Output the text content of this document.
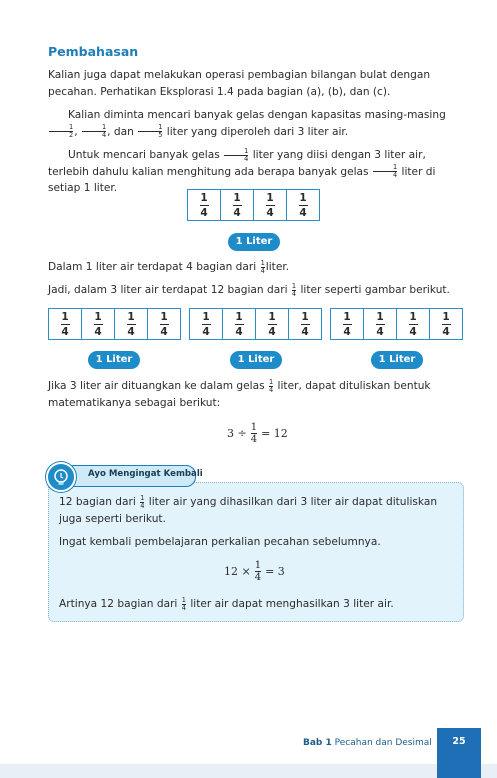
Pembahasan
Kalian juga dapat melakukan operasi pembagian bilangan bulat dengan pecahan. Perhatikan Eksplorasi 1.4 pada bagian (a), (b), dan (c).
Kalian diminta mencari banyak gelas dengan kapasitas masing-masing
$\frac{1}{2}$ , $\frac{1}{4}$ , dan $\frac{1}{5}$ liter yang diperoleh dari 3 liter air.
Untuk mencari banyak gelas $\frac{1}{4}$ liter yang diisi dengan 3 liter air, terlebih dahulu kalian menghitung ada berapa banyak gelas $\frac{1}{4}$ liter di setiap 1 liter.
1
4
1
4
1
4
1
4
1 Liter
Dalam 1 liter air terdapat 4 bagian dari $\frac{1}{4}$ liter.
Jadi, dalam 3 liter air terdapat 12 bagian dari $\frac{1}{4}$ liter seperti gambar berikut.
1
4
1
4
1
4
1
4
1
4
1
4
1
4
1
4
1
4
1
4
1
4
1
4
1 Liter	1 Liter	1 Liter
Jika 3 liter air dituangkan ke dalam gelas $\frac{1}{4}$ liter, dapat dituliskan bentuk matematikanya sebagai berikut:
3 ÷ 1
4 = 12
Ayo Mengingat Kembali
12 bagian dari $\frac{1}{4}$ liter air yang dihasilkan dari 3 liter air dapat dituliskan juga seperti berikut.
Ingat kembali pembelajaran perkalian pecahan sebelumnya.
12 × 1
4 = 3
Artinya 12 bagian dari $\frac{1}{4}$ liter air dapat menghasilkan 3 liter air.
Bab 1 Pecahan dan Desimal	25
